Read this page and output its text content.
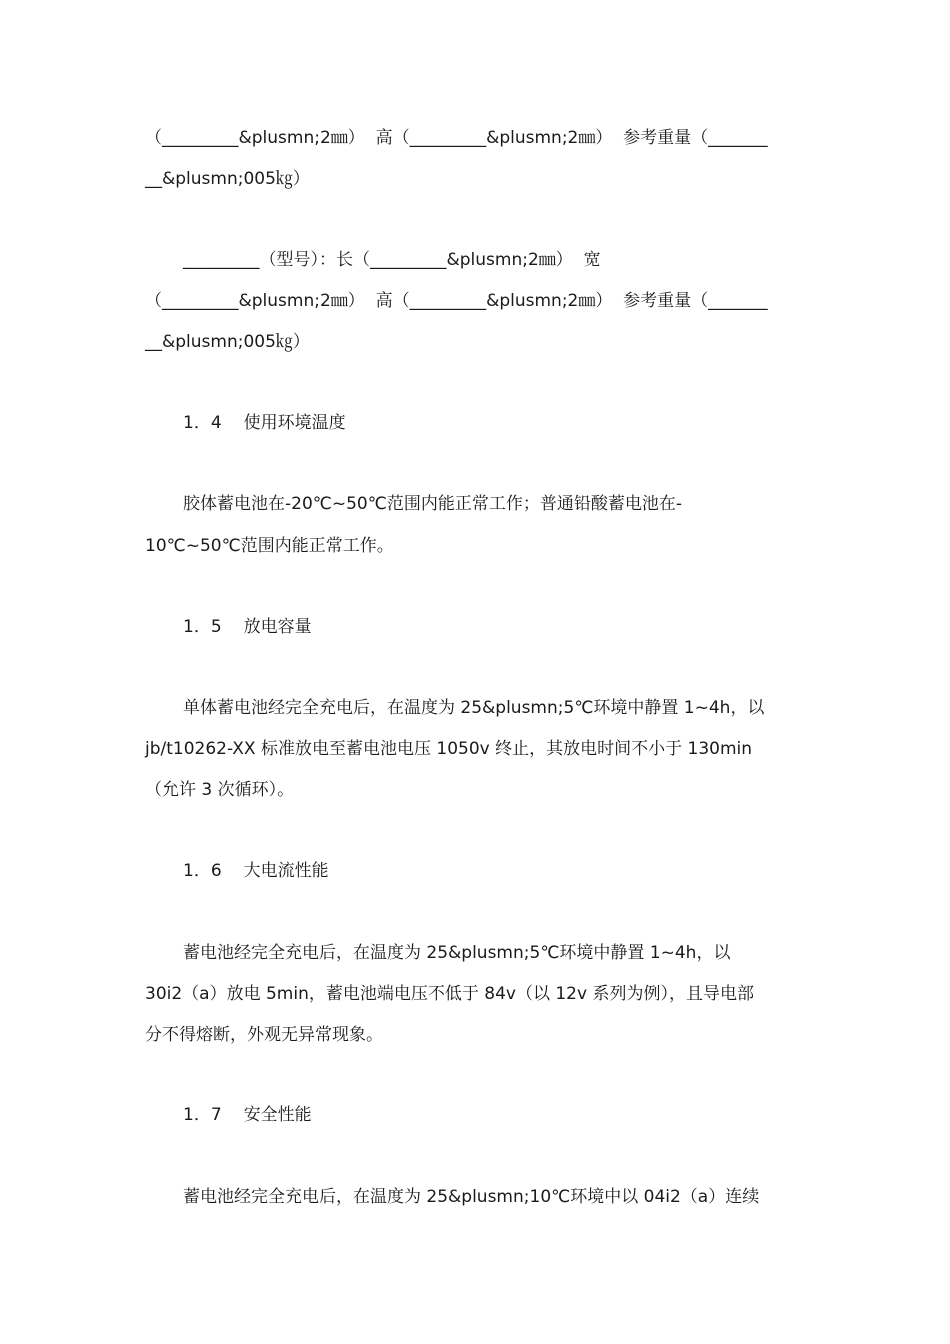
（_________&plusmn;2㎜）  高（_________&plusmn;2㎜）  参考重量（_______

__&plusmn;005㎏）

_________（型号）：长（_________&plusmn;2㎜）  宽

（_________&plusmn;2㎜）  高（_________&plusmn;2㎜）  参考重量（_______

__&plusmn;005㎏）

1．4 使用环境温度

胶体蓄电池在-20℃~50℃范围内能正常工作；普通铅酸蓄电池在-

10℃~50℃范围内能正常工作。

1．5 放电容量

单体蓄电池经完全充电后，在温度为 25&plusmn;5℃环境中静置 1~4h，以

jb/t10262-XX 标准放电至蓄电池电压 1050v 终止，其放电时间不小于 130min

（允许 3 次循环）。

1．6 大电流性能

蓄电池经完全充电后，在温度为 25&plusmn;5℃环境中静置 1~4h，以

30i2（a）放电 5min，蓄电池端电压不低于 84v（以 12v 系列为例），且导电部

分不得熔断，外观无异常现象。

1．7 安全性能

蓄电池经完全充电后，在温度为 25&plusmn;10℃环境中以 04i2（a）连续
